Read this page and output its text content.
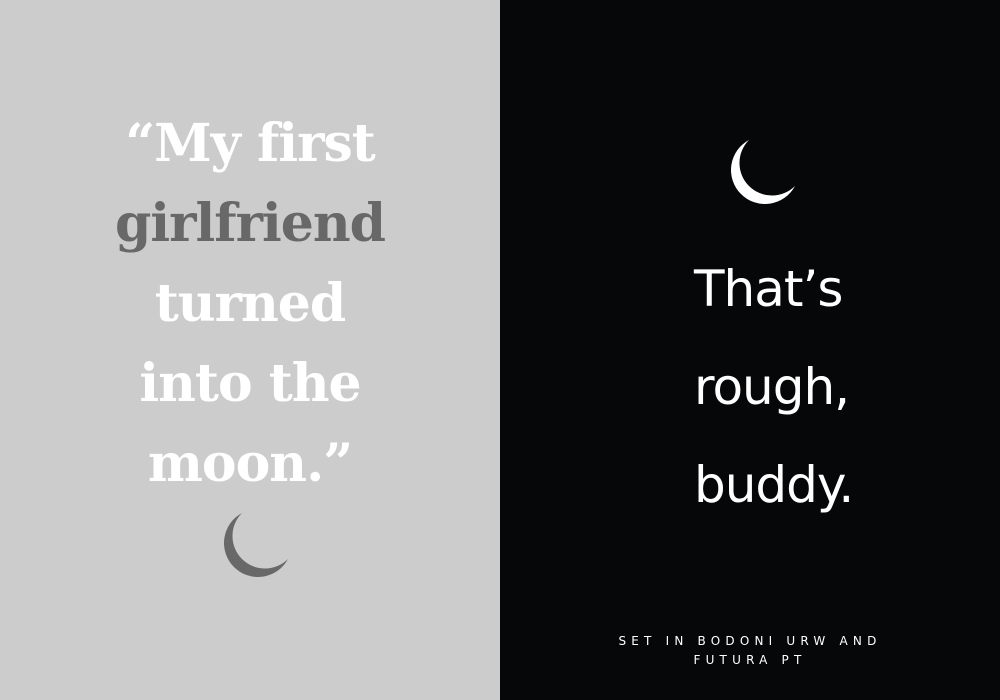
“My first
girlfriend
turned
into the
moon.”
That’s
rough,
buddy.
SET IN BODONI URW AND
FUTURA PT
